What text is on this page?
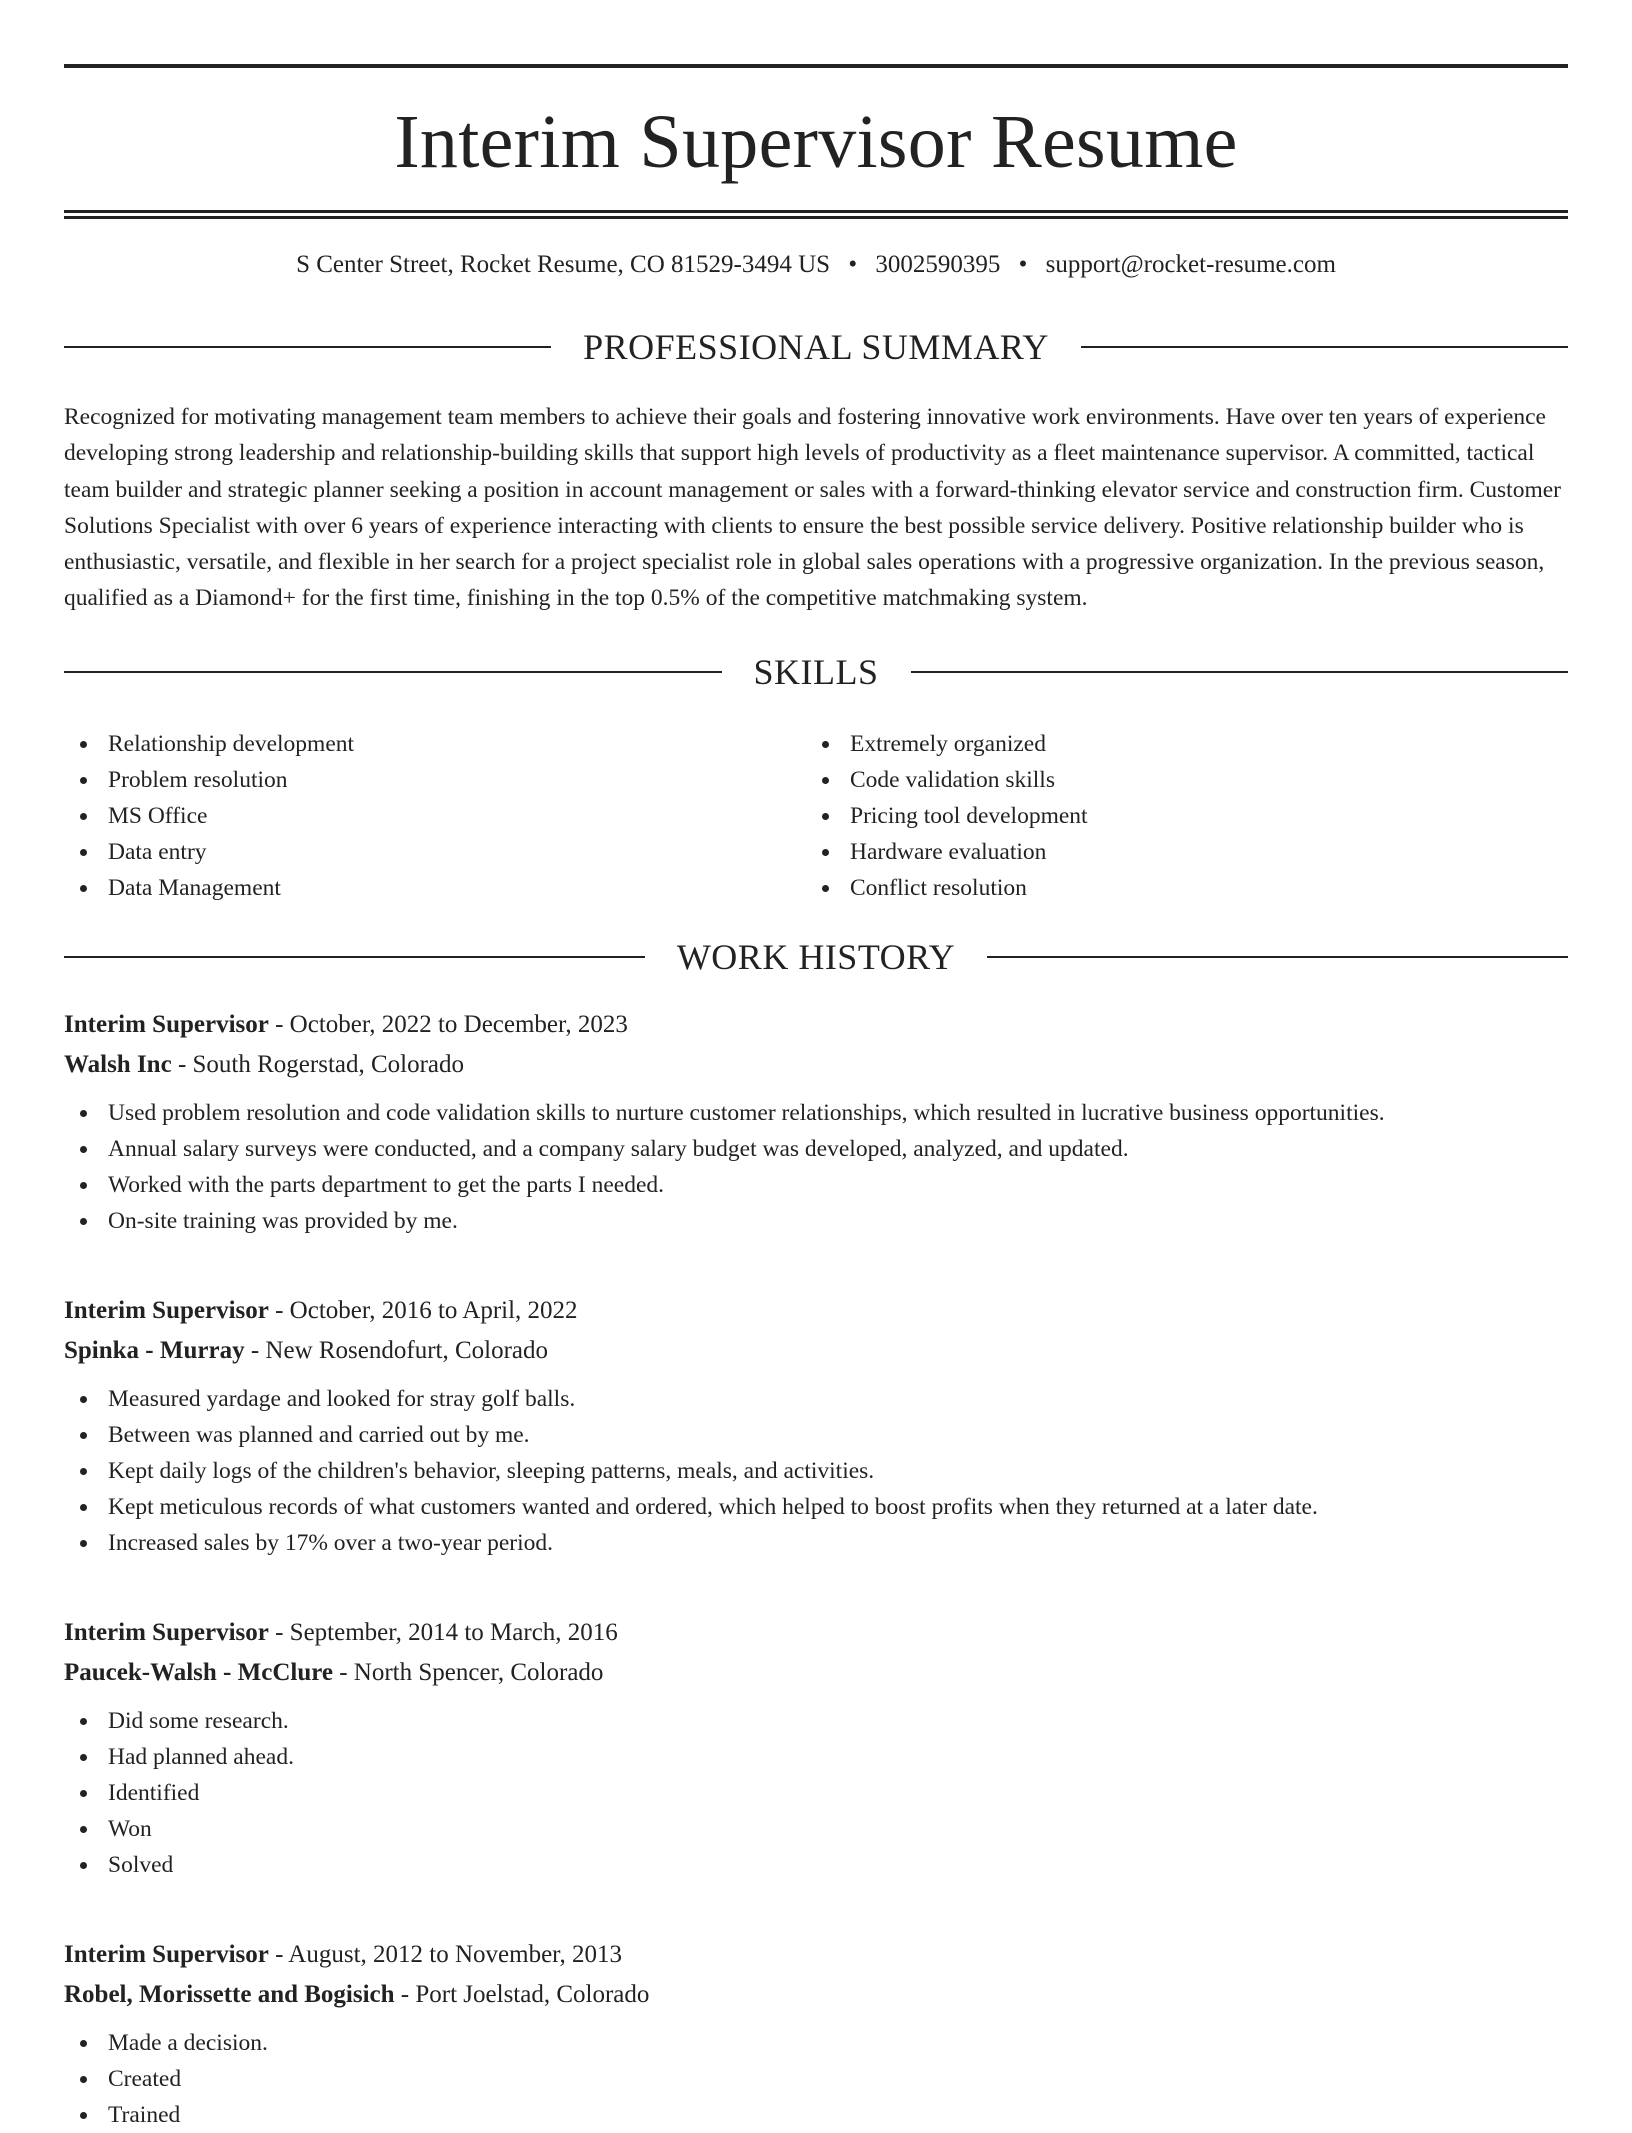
Interim Supervisor Resume
S Center Street, Rocket Resume, CO 81529-3494 US • 3002590395 • support@rocket-resume.com
PROFESSIONAL SUMMARY
Recognized for motivating management team members to achieve their goals and fostering innovative work environments. Have over ten years of experience developing strong leadership and relationship-building skills that support high levels of productivity as a fleet maintenance supervisor. A committed, tactical team builder and strategic planner seeking a position in account management or sales with a forward-thinking elevator service and construction firm. Customer Solutions Specialist with over 6 years of experience interacting with clients to ensure the best possible service delivery. Positive relationship builder who is enthusiastic, versatile, and flexible in her search for a project specialist role in global sales operations with a progressive organization. In the previous season, qualified as a Diamond+ for the first time, finishing in the top 0.5% of the competitive matchmaking system.
SKILLS
Relationship development
Problem resolution
MS Office
Data entry
Data Management
Extremely organized
Code validation skills
Pricing tool development
Hardware evaluation
Conflict resolution
WORK HISTORY
Interim Supervisor - October, 2022 to December, 2023
Walsh Inc - South Rogerstad, Colorado
Used problem resolution and code validation skills to nurture customer relationships, which resulted in lucrative business opportunities.
Annual salary surveys were conducted, and a company salary budget was developed, analyzed, and updated.
Worked with the parts department to get the parts I needed.
On-site training was provided by me.
Interim Supervisor - October, 2016 to April, 2022
Spinka - Murray - New Rosendofurt, Colorado
Measured yardage and looked for stray golf balls.
Between was planned and carried out by me.
Kept daily logs of the children's behavior, sleeping patterns, meals, and activities.
Kept meticulous records of what customers wanted and ordered, which helped to boost profits when they returned at a later date.
Increased sales by 17% over a two-year period.
Interim Supervisor - September, 2014 to March, 2016
Paucek-Walsh - McClure - North Spencer, Colorado
Did some research.
Had planned ahead.
Identified
Won
Solved
Interim Supervisor - August, 2012 to November, 2013
Robel, Morissette and Bogisich - Port Joelstad, Colorado
Made a decision.
Created
Trained
